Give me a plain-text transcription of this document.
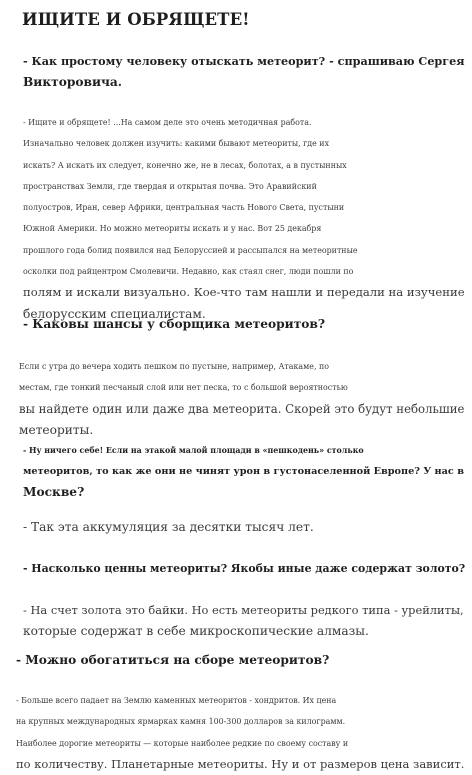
ИЩИТЕ И ОБРЯЩЕТЕ!
- Как простому человеку отыскать метеорит? - спрашиваю Сергея
Викторовича.
- Ищите и обрящете! ...На самом деле это очень методичная работа.
Изначально человек должен изучить: какими бывают метеориты, где их
искать? А искать их следует, конечно же, не в лесах, болотах, а в пустынных
пространствах Земли, где твердая и открытая почва. Это Аравийский
полуостров, Иран, север Африки, центральная часть Нового Света, пустыни
Южной Америки. Но можно метеориты искать и у нас. Вот 25 декабря
прошлого года болид появился над Белоруссией и рассыпался на метеоритные
осколки под райцентром Смолевичи. Недавно, как стаял снег, люди пошли по
полям и искали визуально. Кое-что там нашли и передали на изучение
белорусским специалистам.
- Каковы шансы у сборщика метеоритов?
Если с утра до вечера ходить пешком по пустыне, например, Атакаме, по
местам, где тонкий песчаный слой или нет песка, то с большой вероятностью
вы найдете один или даже два метеорита. Скорей это будут небольшие
метеориты.
- Ну ничего себе! Если на этакой малой площади в «пешкодень» столько
метеоритов, то как же они не чинят урон в густонаселенной Европе? У нас в
Москве?
- Так эта аккумуляция за десятки тысяч лет.
- Насколько ценны метеориты? Якобы иные даже содержат золото?
- На счет золота это байки. Но есть метеориты редкого типа - урейлиты,
которые содержат в себе микроскопические алмазы.
- Можно обогатиться на сборе метеоритов?
- Больше всего падает на Землю каменных метеоритов - хондритов. Их цена
на крупных международных ярмарках камня 100-300 долларов за килограмм.
Наиболее дорогие метеориты — которые наиболее редкие по своему составу и
по количеству. Планетарные метеориты. Ну и от размеров цена зависит.
